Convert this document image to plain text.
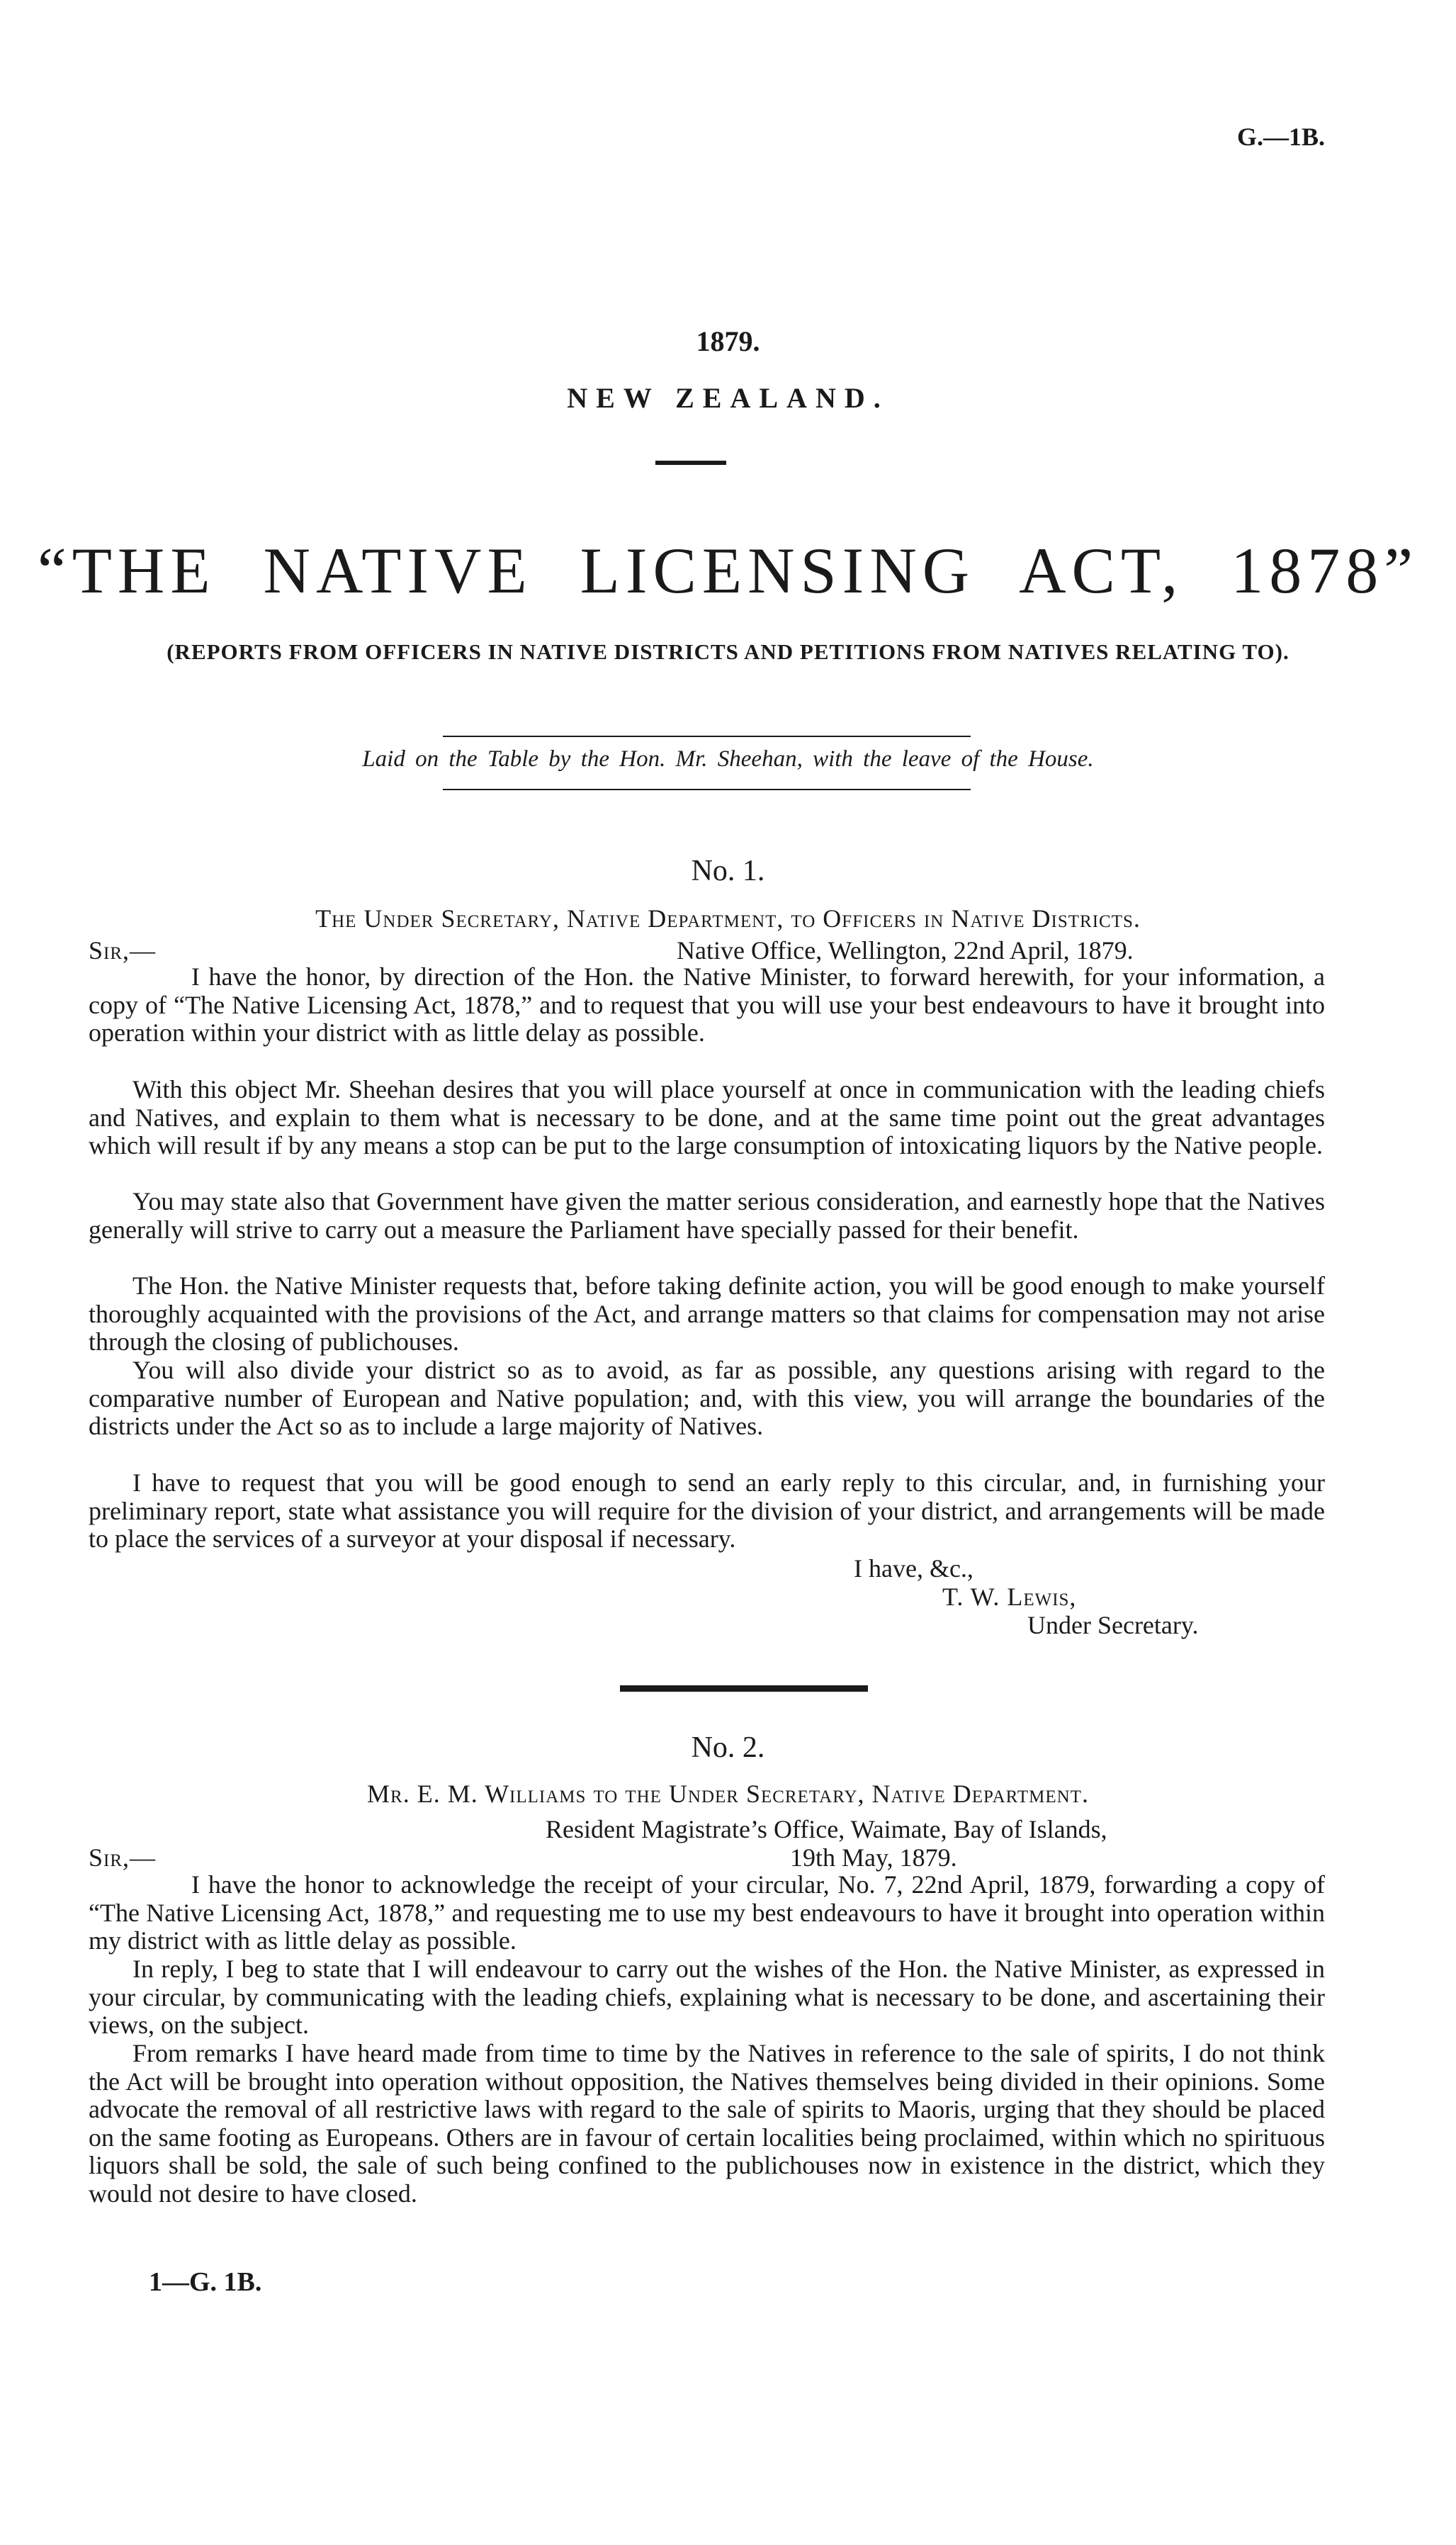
G.—1B.
1879.
NEW ZEALAND.
“THE NATIVE LICENSING ACT, 1878”
(REPORTS FROM OFFICERS IN NATIVE DISTRICTS AND PETITIONS FROM NATIVES RELATING TO).
Laid on the Table by the Hon. Mr. Sheehan, with the leave of the House.
No. 1.
The Under Secretary, Native Department, to Officers in Native Districts.
Sir,—	Native Office, Wellington, 22nd April, 1879.

I have the honor, by direction of the Hon. the Native Minister, to forward herewith, for your information, a copy of “The Native Licensing Act, 1878,” and to request that you will use your best endeavours to have it brought into operation within your district with as little delay as possible.

With this object Mr. Sheehan desires that you will place yourself at once in communication with the leading chiefs and Natives, and explain to them what is necessary to be done, and at the same time point out the great advantages which will result if by any means a stop can be put to the large consumption of intoxicating liquors by the Native people.

You may state also that Government have given the matter serious consideration, and earnestly hope that the Natives generally will strive to carry out a measure the Parliament have specially passed for their benefit.

The Hon. the Native Minister requests that, before taking definite action, you will be good enough to make yourself thoroughly acquainted with the provisions of the Act, and arrange matters so that claims for compensation may not arise through the closing of publichouses.

You will also divide your district so as to avoid, as far as possible, any questions arising with regard to the comparative number of European and Native population; and, with this view, you will arrange the boundaries of the districts under the Act so as to include a large majority of Natives.

I have to request that you will be good enough to send an early reply to this circular, and, in furnishing your preliminary report, state what assistance you will require for the division of your district, and arrangements will be made to place the services of a surveyor at your disposal if necessary.

I have, &c.,
T. W. Lewis,
Under Secretary.
No. 2.
Mr. E. M. Williams to the Under Secretary, Native Department.
Resident Magistrate’s Office, Waimate, Bay of Islands,
Sir,—	19th May, 1879.

I have the honor to acknowledge the receipt of your circular, No. 7, 22nd April, 1879, forwarding a copy of “The Native Licensing Act, 1878,” and requesting me to use my best endeavours to have it brought into operation within my district with as little delay as possible.

In reply, I beg to state that I will endeavour to carry out the wishes of the Hon. the Native Minister, as expressed in your circular, by communicating with the leading chiefs, explaining what is necessary to be done, and ascertaining their views, on the subject.

From remarks I have heard made from time to time by the Natives in reference to the sale of spirits, I do not think the Act will be brought into operation without opposition, the Natives themselves being divided in their opinions. Some advocate the removal of all restrictive laws with regard to the sale of spirits to Maoris, urging that they should be placed on the same footing as Europeans. Others are in favour of certain localities being proclaimed, within which no spirituous liquors shall be sold, the sale of such being confined to the publichouses now in existence in the district, which they would not desire to have closed.

1—G. 1B.
